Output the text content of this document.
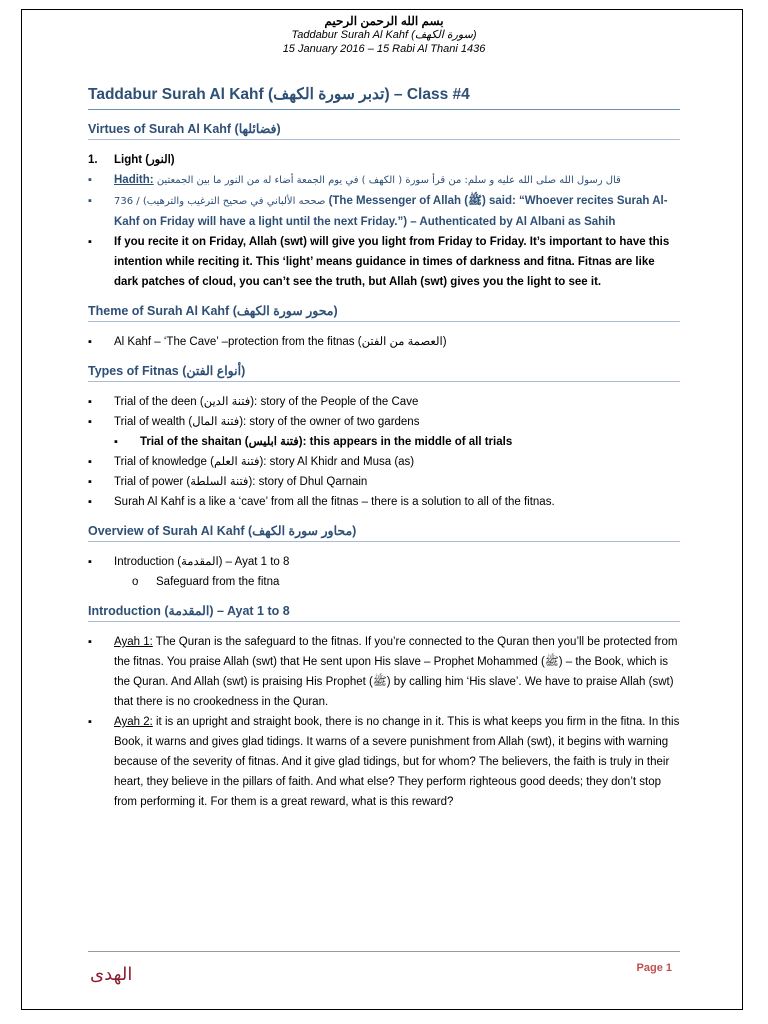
بسم الله الرحمن الرحيم
Taddabur Surah Al Kahf (سورة الكهف)
15 January 2016 – 15 Rabi Al Thani 1436
Taddabur Surah Al Kahf (تدبر سورة الكهف) – Class #4
Virtues of Surah Al Kahf (فضائلها)
1. Light (النور)
▪ Hadith: قال رسول الله صلى الله عليه و سلم: من قرأ سورة ( الكهف ) في يوم الجمعة أضاء له من النور ما بين الجمعتين
▪ 736 / (صححه الألباني في صحيح الترغيب والترهيب (The Messenger of Allah (ﷺ) said: “Whoever recites Surah Al-Kahf on Friday will have a light until the next Friday.”) – Authenticated by Al Albani as Sahih
▪ If you recite it on Friday, Allah (swt) will give you light from Friday to Friday. It’s important to have this intention while reciting it. This ‘light’ means guidance in times of darkness and fitna. Fitnas are like dark patches of cloud, you can’t see the truth, but Allah (swt) gives you the light to see it.
Theme of Surah Al Kahf (محور سورة الكهف)
▪ Al Kahf – ‘The Cave’ –protection from the fitnas (العصمة من الفتن)
Types of Fitnas (أنواع الفتن)
▪ Trial of the deen (فتنة الدين): story of the People of the Cave
▪ Trial of wealth (فتنة المال): story of the owner of two gardens
▪ Trial of the shaitan (فتنة ابليس): this appears in the middle of all trials
▪ Trial of knowledge (فتنة العلم): story Al Khidr and Musa (as)
▪ Trial of power (فتنة السلطة): story of Dhul Qarnain
▪ Surah Al Kahf is a like a ‘cave’ from all the fitnas – there is a solution to all of the fitnas.
Overview of Surah Al Kahf (محاور سورة الكهف)
▪ Introduction (المقدمة) – Ayat 1 to 8
o Safeguard from the fitna
Introduction (المقدمة) – Ayat 1 to 8
▪ Ayah 1: The Quran is the safeguard to the fitnas. If you’re connected to the Quran then you’ll be protected from the fitnas. You praise Allah (swt) that He sent upon His slave – Prophet Mohammed (ﷺ) – the Book, which is the Quran. And Allah (swt) is praising His Prophet (ﷺ) by calling him ‘His slave’. We have to praise Allah (swt) that there is no crookedness in the Quran.
▪ Ayah 2: it is an upright and straight book, there is no change in it. This is what keeps you firm in the fitna. In this Book, it warns and gives glad tidings. It warns of a severe punishment from Allah (swt), it begins with warning because of the severity of fitnas. And it give glad tidings, but for whom? The believers, the faith is truly in their heart, they believe in the pillars of faith. And what else? They perform righteous good deeds; they don’t stop from performing it. For them is a great reward, what is this reward?
الهدى	Page 1
